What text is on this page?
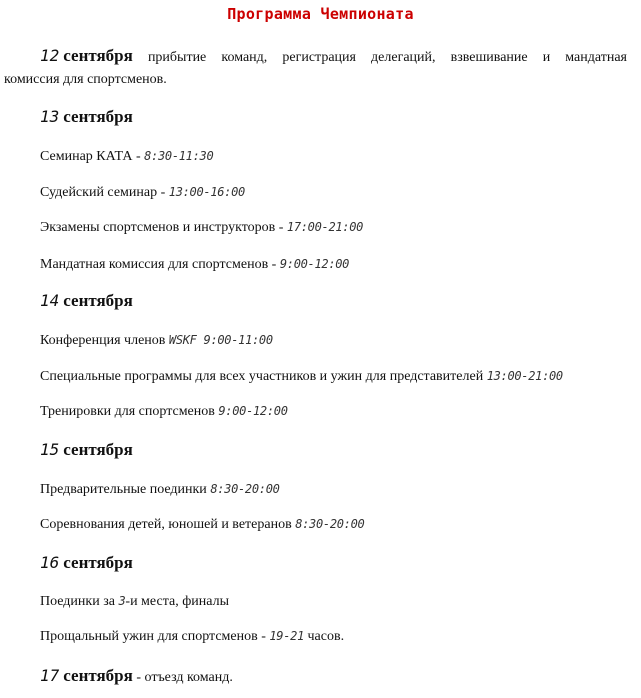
Программа Чемпионата
12 сентября прибытие команд, регистрация делегаций, взвешивание и мандатная
комиссия для спортсменов.
13 сентября
Семинар КАТА - 8:30-11:30
Судейский семинар - 13:00-16:00
Экзамены спортсменов и инструкторов - 17:00-21:00
Мандатная комиссия для спортсменов - 9:00-12:00
14 сентября
Конференция членов WSKF 9:00-11:00
Специальные программы для всех участников и ужин для представителей 13:00-21:00
Тренировки для спортсменов 9:00-12:00
15 сентября
Предварительные поединки 8:30-20:00
Соревнования детей, юношей и ветеранов 8:30-20:00
16 сентября
Поединки за 3-и места, финалы
Прощальный ужин для спортсменов - 19-21 часов.
17 сентября - отъезд команд.
